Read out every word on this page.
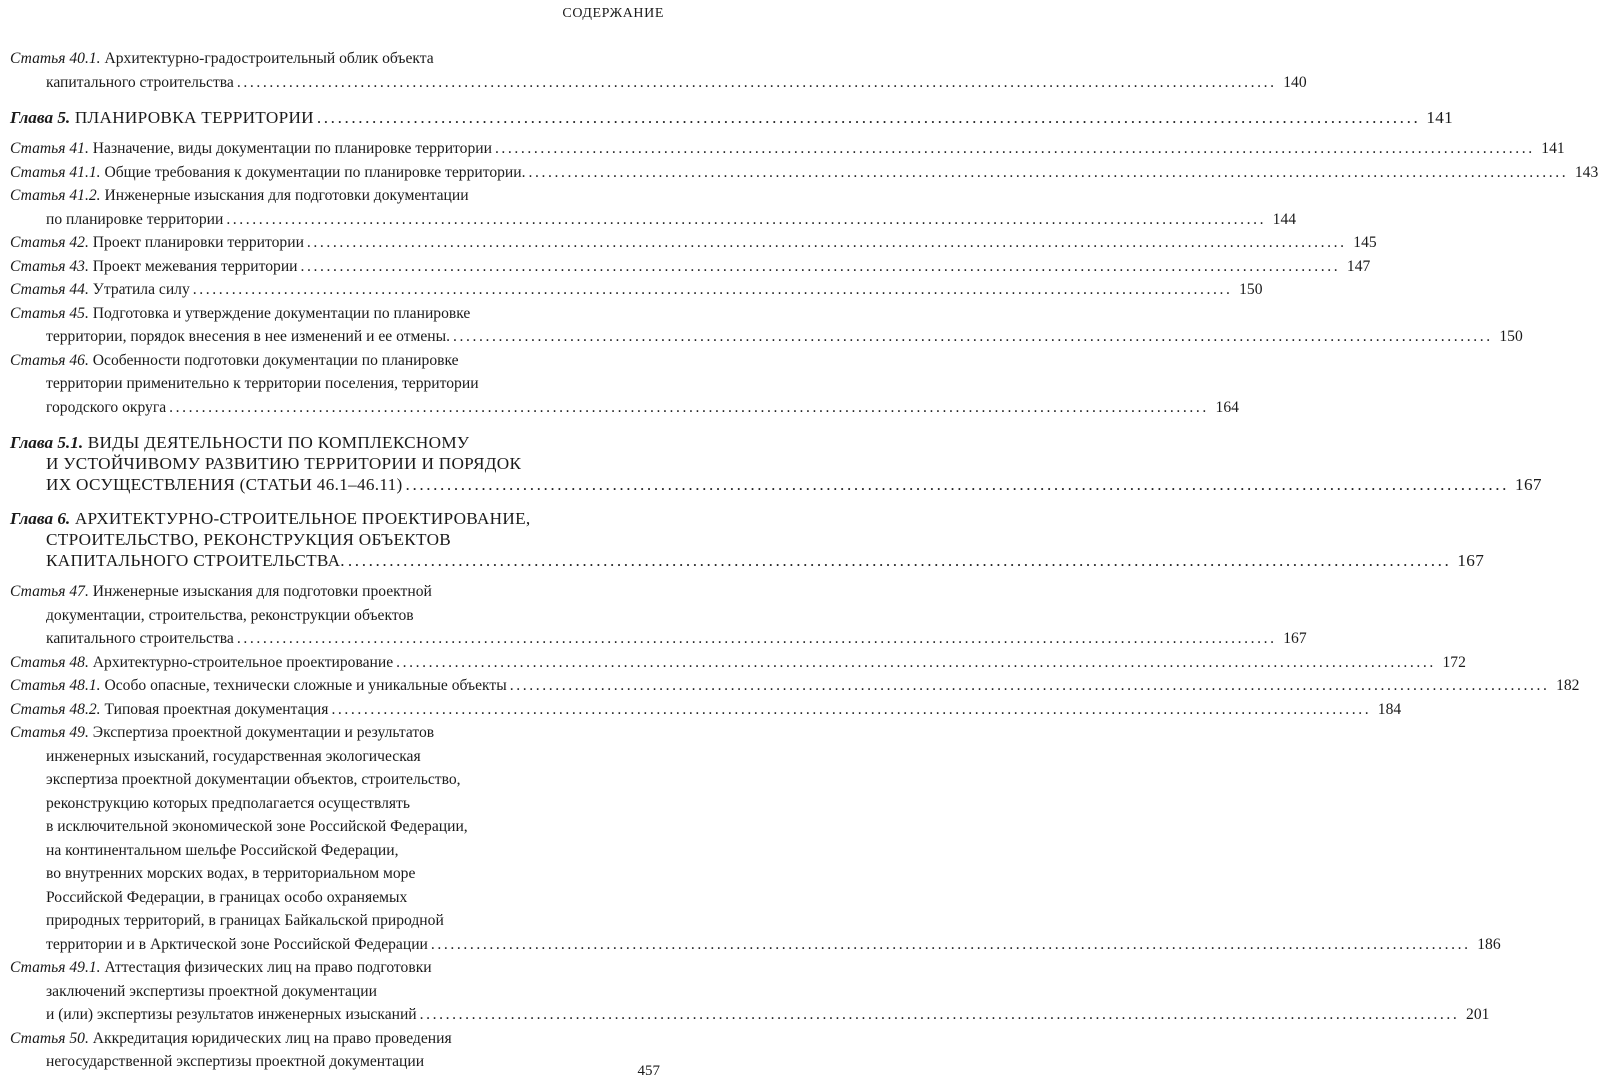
СОДЕРЖАНИЕ
Статья 40.1. Архитектурно-градостроительный облик объекта
капитального строительства ................................................................................................................................................................ 140
Глава 5. ПЛАНИРОВКА ТЕРРИТОРИИ ................................................................................................................................................................ 141
Статья 41. Назначение, виды документации по планировке территории ................................................................................................................................................................ 141
Статья 41.1. Общие требования к документации по планировке территории. ................................................................................................................................................................ 143
Статья 41.2. Инженерные изыскания для подготовки документации
по планировке территории ................................................................................................................................................................ 144
Статья 42. Проект планировки территории ................................................................................................................................................................ 145
Статья 43. Проект межевания территории ................................................................................................................................................................ 147
Статья 44. Утратила силу ................................................................................................................................................................ 150
Статья 45. Подготовка и утверждение документации по планировке
территории, порядок внесения в нее изменений и ее отмены. ................................................................................................................................................................ 150
Статья 46. Особенности подготовки документации по планировке
территории применительно к территории поселения, территории
городского округа ................................................................................................................................................................ 164
Глава 5.1. ВИДЫ ДЕЯТЕЛЬНОСТИ ПО КОМПЛЕКСНОМУ
И УСТОЙЧИВОМУ РАЗВИТИЮ ТЕРРИТОРИИ И ПОРЯДОК
ИХ ОСУЩЕСТВЛЕНИЯ (СТАТЬИ 46.1–46.11) ................................................................................................................................................................ 167
Глава 6. АРХИТЕКТУРНО-СТРОИТЕЛЬНОЕ ПРОЕКТИРОВАНИЕ,
СТРОИТЕЛЬСТВО, РЕКОНСТРУКЦИЯ ОБЪЕКТОВ
КАПИТАЛЬНОГО СТРОИТЕЛЬСТВА. ................................................................................................................................................................ 167
Статья 47. Инженерные изыскания для подготовки проектной
документации, строительства, реконструкции объектов
капитального строительства ................................................................................................................................................................ 167
Статья 48. Архитектурно-строительное проектирование ................................................................................................................................................................ 172
Статья 48.1. Особо опасные, технически сложные и уникальные объекты ................................................................................................................................................................ 182
Статья 48.2. Типовая проектная документация ................................................................................................................................................................ 184
Статья 49. Экспертиза проектной документации и результатов
инженерных изысканий, государственная экологическая
экспертиза проектной документации объектов, строительство,
реконструкцию которых предполагается осуществлять
в исключительной экономической зоне Российской Федерации,
на континентальном шельфе Российской Федерации,
во внутренних морских водах, в территориальном море
Российской Федерации, в границах особо охраняемых
природных территорий, в границах Байкальской природной
территории и в Арктической зоне Российской Федерации ................................................................................................................................................................ 186
Статья 49.1. Аттестация физических лиц на право подготовки
заключений экспертизы проектной документации
и (или) экспертизы результатов инженерных изысканий ................................................................................................................................................................ 201
Статья 50. Аккредитация юридических лиц на право проведения
негосударственной экспертизы проектной документации
457
